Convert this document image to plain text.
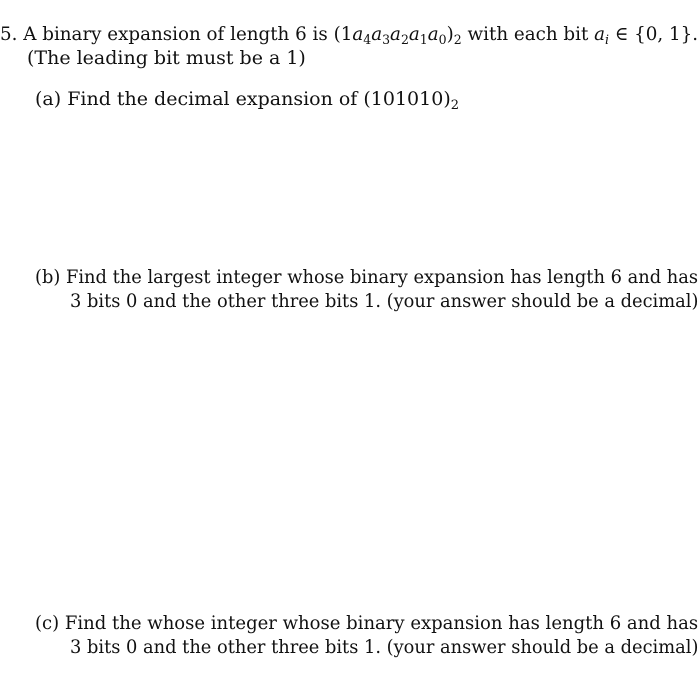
5. A binary expansion of length 6 is $(1a_4a_3a_2a_1a_0)_2$ with each bit $a_i$ ∈ {0, 1}.
(The leading bit must be a 1)
(a) Find the decimal expansion of $(101010)_2$
(b) Find the largest integer whose binary expansion has length 6 and has
3 bits 0 and the other three bits 1. (your answer should be a decimal)
(c) Find the whose integer whose binary expansion has length 6 and has
3 bits 0 and the other three bits 1. (your answer should be a decimal)
